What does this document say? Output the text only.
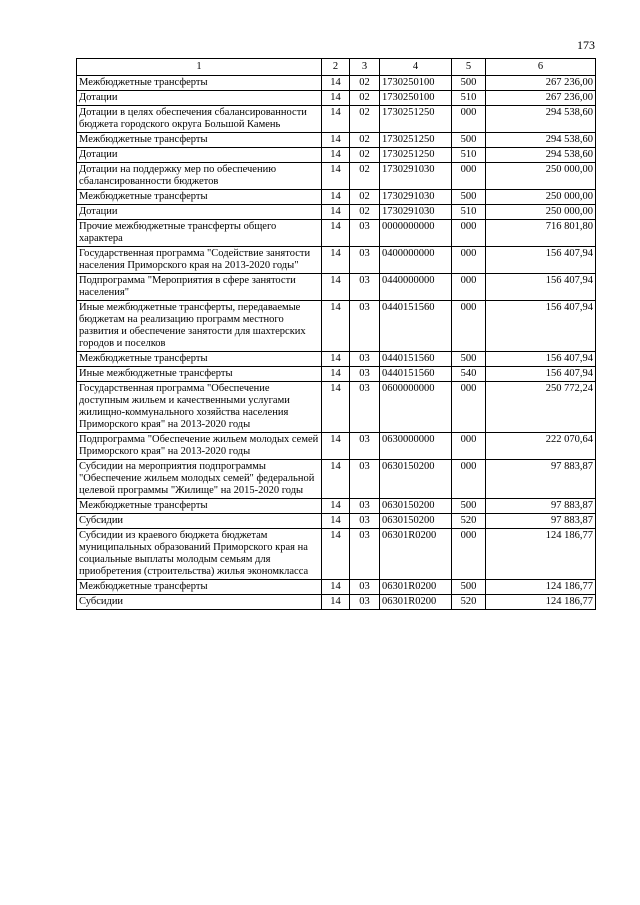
173
1	2	3	4	5	6
Межбюджетные трансферты	14	02	1730250100	500	267 236,00
Дотации	14	02	1730250100	510	267 236,00
Дотации в целях обеспечения сбалансированности бюджета городского округа Большой Камень	14	02	1730251250	000	294 538,60
Межбюджетные трансферты	14	02	1730251250	500	294 538,60
Дотации	14	02	1730251250	510	294 538,60
Дотации на поддержку мер по обеспечению сбалансированности бюджетов	14	02	1730291030	000	250 000,00
Межбюджетные трансферты	14	02	1730291030	500	250 000,00
Дотации	14	02	1730291030	510	250 000,00
Прочие межбюджетные трансферты общего характера	14	03	0000000000	000	716 801,80
Государственная программа "Содействие занятости населения Приморского края на 2013-2020 годы"	14	03	0400000000	000	156 407,94
Подпрограмма "Мероприятия в сфере занятости населения"	14	03	0440000000	000	156 407,94
Иные межбюджетные трансферты, передаваемые бюджетам на реализацию программ местного развития и обеспечение занятости для шахтерских городов и поселков	14	03	0440151560	000	156 407,94
Межбюджетные трансферты	14	03	0440151560	500	156 407,94
Иные межбюджетные трансферты	14	03	0440151560	540	156 407,94
Государственная программа "Обеспечение доступным жильем и качественными услугами жилищно-коммунального хозяйства населения Приморского края" на 2013-2020 годы	14	03	0600000000	000	250 772,24
Подпрограмма "Обеспечение жильем молодых семей Приморского края" на 2013-2020 годы	14	03	0630000000	000	222 070,64
Субсидии на мероприятия подпрограммы "Обеспечение жильем молодых семей" федеральной целевой программы "Жилище" на 2015-2020 годы	14	03	0630150200	000	97 883,87
Межбюджетные трансферты	14	03	0630150200	500	97 883,87
Субсидии	14	03	0630150200	520	97 883,87
Субсидии из краевого бюджета бюджетам муниципальных образований Приморского края на социальные выплаты молодым семьям для приобретения (строительства) жилья экономкласса	14	03	06301R0200	000	124 186,77
Межбюджетные трансферты	14	03	06301R0200	500	124 186,77
Субсидии	14	03	06301R0200	520	124 186,77
